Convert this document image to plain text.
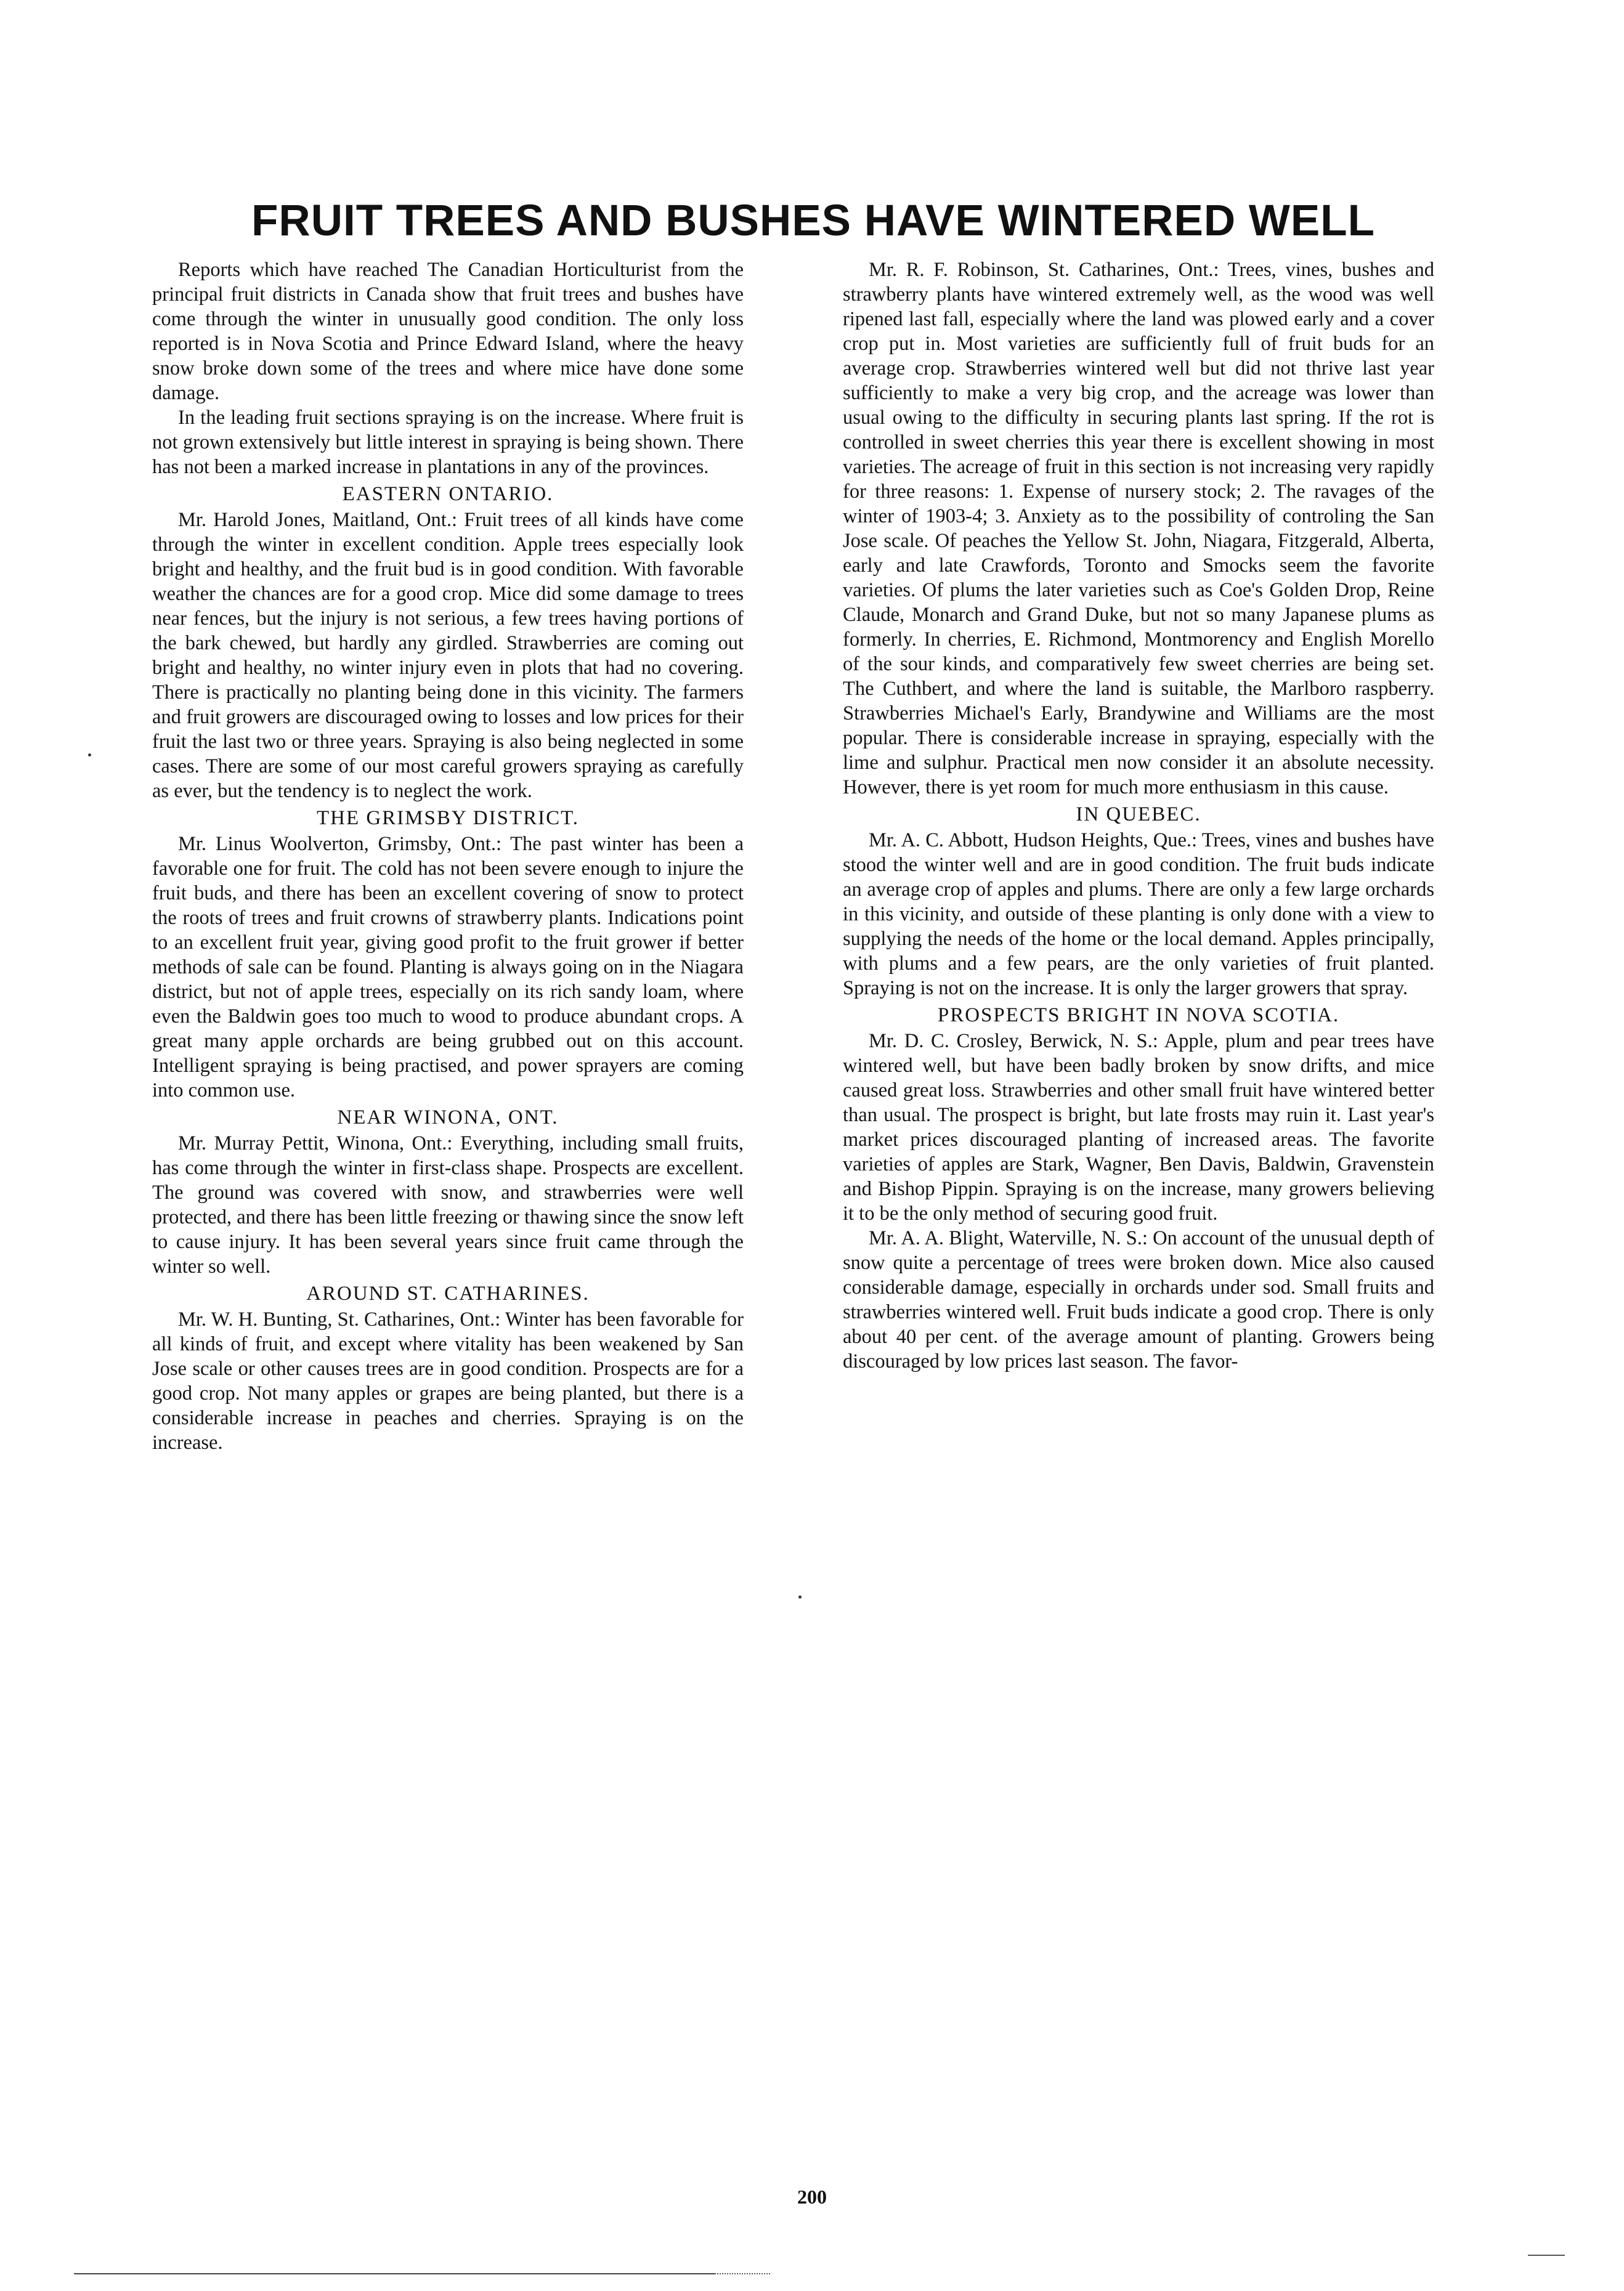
FRUIT TREES AND BUSHES HAVE WINTERED WELL

Reports which have reached The Canadian Horticulturist from the principal fruit districts in Canada show that fruit trees and bushes have come through the winter in unusually good condition. The only loss reported is in Nova Scotia and Prince Edward Island, where the heavy snow broke down some of the trees and where mice have done some damage.

In the leading fruit sections spraying is on the increase. Where fruit is not grown extensively but little interest in spraying is being shown. There has not been a marked increase in plantations in any of the provinces.

EASTERN ONTARIO.

Mr. Harold Jones, Maitland, Ont.: Fruit trees of all kinds have come through the winter in excellent condition. Apple trees especially look bright and healthy, and the fruit bud is in good condition. With favorable weather the chances are for a good crop. Mice did some damage to trees near fences, but the injury is not serious, a few trees having portions of the bark chewed, but hardly any girdled. Strawberries are coming out bright and healthy, no winter injury even in plots that had no covering. There is practically no planting being done in this vicinity. The farmers and fruit growers are discouraged owing to losses and low prices for their fruit the last two or three years. Spraying is also being neglected in some cases. There are some of our most careful growers spraying as carefully as ever, but the tendency is to neglect the work.

THE GRIMSBY DISTRICT.

Mr. Linus Woolverton, Grimsby, Ont.: The past winter has been a favorable one for fruit. The cold has not been severe enough to injure the fruit buds, and there has been an excellent covering of snow to protect the roots of trees and fruit crowns of strawberry plants. Indications point to an excellent fruit year, giving good profit to the fruit grower if better methods of sale can be found. Planting is always going on in the Niagara district, but not of apple trees, especially on its rich sandy loam, where even the Baldwin goes too much to wood to produce abundant crops. A great many apple orchards are being grubbed out on this account. Intelligent spraying is being practised, and power sprayers are coming into common use.

NEAR WINONA, ONT.

Mr. Murray Pettit, Winona, Ont.: Everything, including small fruits, has come through the winter in first-class shape. Prospects are excellent. The ground was covered with snow, and strawberries were well protected, and there has been little freezing or thawing since the snow left to cause injury. It has been several years since fruit came through the winter so well.

AROUND ST. CATHARINES.

Mr. W. H. Bunting, St. Catharines, Ont.: Winter has been favorable for all kinds of fruit, and except where vitality has been weakened by San Jose scale or other causes trees are in good condition. Prospects are for a good crop. Not many apples or grapes are being planted, but there is a considerable increase in peaches and cherries. Spraying is on the increase.

Mr. R. F. Robinson, St. Catharines, Ont.: Trees, vines, bushes and strawberry plants have wintered extremely well, as the wood was well ripened last fall, especially where the land was plowed early and a cover crop put in. Most varieties are sufficiently full of fruit buds for an average crop. Strawberries wintered well but did not thrive last year sufficiently to make a very big crop, and the acreage was lower than usual owing to the difficulty in securing plants last spring. If the rot is controlled in sweet cherries this year there is excellent showing in most varieties. The acreage of fruit in this section is not increasing very rapidly for three reasons: 1. Expense of nursery stock; 2. The ravages of the winter of 1903-4; 3. Anxiety as to the possibility of controling the San Jose scale. Of peaches the Yellow St. John, Niagara, Fitzgerald, Alberta, early and late Crawfords, Toronto and Smocks seem the favorite varieties. Of plums the later varieties such as Coe's Golden Drop, Reine Claude, Monarch and Grand Duke, but not so many Japanese plums as formerly. In cherries, E. Richmond, Montmorency and English Morello of the sour kinds, and comparatively few sweet cherries are being set. The Cuthbert, and where the land is suitable, the Marlboro raspberry. Strawberries Michael's Early, Brandywine and Williams are the most popular. There is considerable increase in spraying, especially with the lime and sulphur. Practical men now consider it an absolute necessity. However, there is yet room for much more enthusiasm in this cause.

IN QUEBEC.

Mr. A. C. Abbott, Hudson Heights, Que.: Trees, vines and bushes have stood the winter well and are in good condition. The fruit buds indicate an average crop of apples and plums. There are only a few large orchards in this vicinity, and outside of these planting is only done with a view to supplying the needs of the home or the local demand. Apples principally, with plums and a few pears, are the only varieties of fruit planted. Spraying is not on the increase. It is only the larger growers that spray.

PROSPECTS BRIGHT IN NOVA SCOTIA.

Mr. D. C. Crosley, Berwick, N. S.: Apple, plum and pear trees have wintered well, but have been badly broken by snow drifts, and mice caused great loss. Strawberries and other small fruit have wintered better than usual. The prospect is bright, but late frosts may ruin it. Last year's market prices discouraged planting of increased areas. The favorite varieties of apples are Stark, Wagner, Ben Davis, Baldwin, Gravenstein and Bishop Pippin. Spraying is on the increase, many growers believing it to be the only method of securing good fruit.

Mr. A. A. Blight, Waterville, N. S.: On account of the unusual depth of snow quite a percentage of trees were broken down. Mice also caused considerable damage, especially in orchards under sod. Small fruits and strawberries wintered well. Fruit buds indicate a good crop. There is only about 40 per cent. of the average amount of planting. Growers being discouraged by low prices last season. The favor-

200
